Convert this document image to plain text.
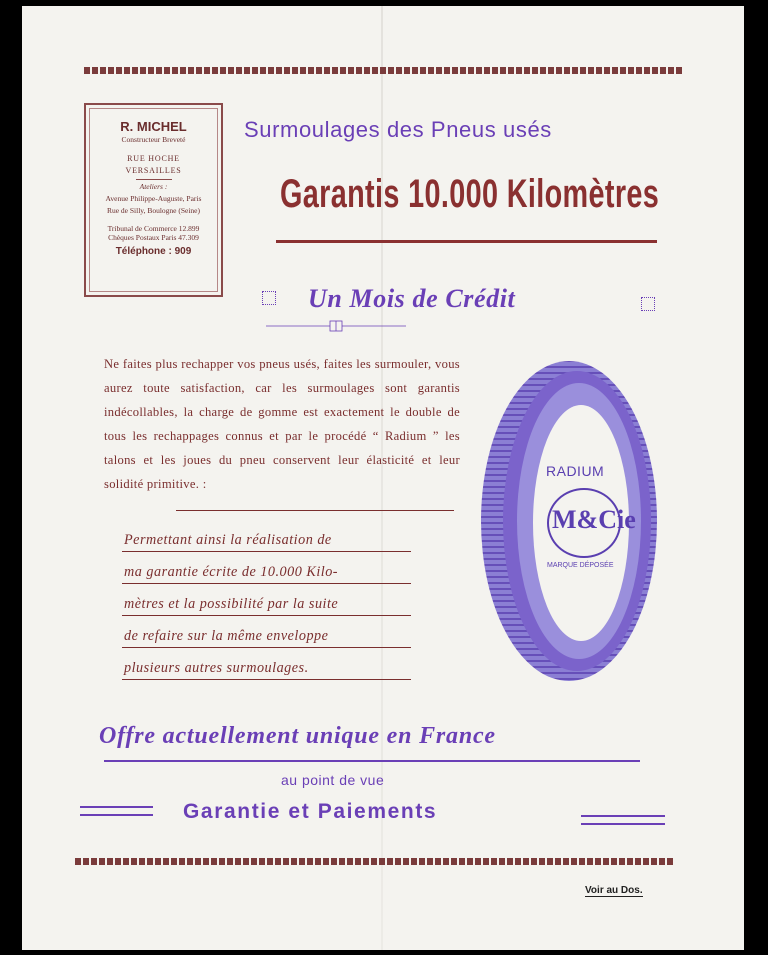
R. MICHEL
Constructeur Breveté
RUE HOCHE
VERSAILLES
Ateliers :
Avenue Philippe-Auguste, Paris
Rue de Silly, Boulogne (Seine)
Tribunal de Commerce 12.899
Chèques Postaux Paris 47.309
Téléphone : 909
Surmoulages des Pneus usés
Garantis 10.000 Kilomètres
Un Mois de Crédit

Ne faites plus rechapper vos pneus usés, faites les surmouler, vous aurez toute satisfaction, car les surmoulages sont garantis indécollables, la charge de gomme est exactement le double de tous les rechappages connus et par le procédé “ Radium ” les talons et les joues du pneu conservent leur élasticité et leur solidité primitive. :

Permettant ainsi la réalisation de
ma garantie écrite de 10.000 Kilo-
mètres et la possibilité par la suite
de refaire sur la même enveloppe
plusieurs autres surmoulages.
RADIUM
M&Cie
MARQUE DÉPOSÉE
Offre actuellement unique en France
au point de vue
Garantie et Paiements
Voir au Dos.
